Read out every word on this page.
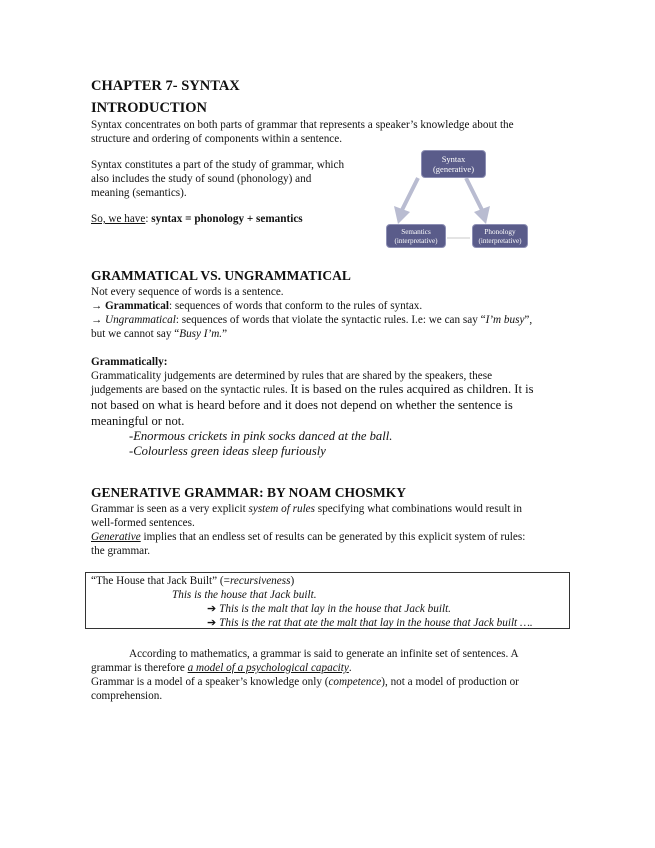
CHAPTER 7- SYNTAX
INTRODUCTION
Syntax concentrates on both parts of grammar that represents a speaker’s knowledge about the
structure and ordering of components within a sentence.
Syntax constitutes a part of the study of grammar, which
also includes the study of sound (phonology) and
meaning (semantics).
So, we have: syntax = phonology + semantics
Syntax
(generative)
Semantics
(interpretative)
Phonology
(interpretative)
GRAMMATICAL VS. UNGRAMMATICAL
Not every sequence of words is a sentence.
→ Grammatical: sequences of words that conform to the rules of syntax.
→ Ungrammatical: sequences of words that violate the syntactic rules. I.e: we can say “I’m busy”,
but we cannot say “Busy I’m.”
Grammatically:
Grammaticality judgements are determined by rules that are shared by the speakers, these
judgements are based on the syntactic rules. It is based on the rules acquired as children. It is
not based on what is heard before and it does not depend on whether the sentence is
meaningful or not.
-Enormous crickets in pink socks danced at the ball.
-Colourless green ideas sleep furiously
GENERATIVE GRAMMAR: BY NOAM CHOSMKY
Grammar is seen as a very explicit system of rules specifying what combinations would result in
well-formed sentences.
Generative implies that an endless set of results can be generated by this explicit system of rules:
the grammar.
“The House that Jack Built” (=recursiveness)
This is the house that Jack built.
➔ This is the malt that lay in the house that Jack built.
➔ This is the rat that ate the malt that lay in the house that Jack built ….
According to mathematics, a grammar is said to generate an infinite set of sentences. A
grammar is therefore a model of a psychological capacity.
Grammar is a model of a speaker’s knowledge only (competence), not a model of production or
comprehension.
